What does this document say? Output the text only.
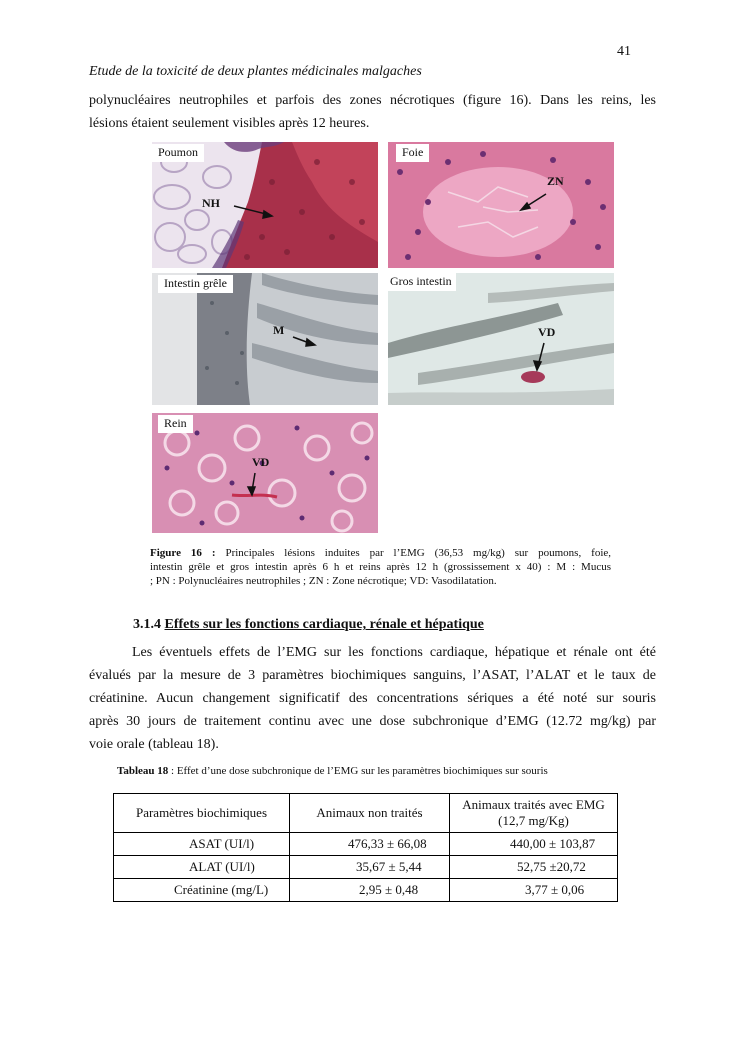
41
Etude de la toxicité de deux plantes médicinales malgaches
polynucléaires neutrophiles et parfois des zones nécrotiques (figure 16). Dans les reins, les
lésions étaient seulement visibles après 12 heures.
Poumon
NH
Foie
ZN
Intestin grêle
M
Gros intestin
VD
Rein
VD
Figure 16 : Principales lésions induites par l’EMG (36,53 mg/kg) sur poumons, foie,
intestin grêle et gros intestin après 6 h et reins après 12 h (grossissement x 40) : M : Mucus
; PN : Polynucléaires neutrophiles ; ZN : Zone nécrotique; VD: Vasodilatation.
3.1.4 Effets sur les fonctions cardiaque, rénale et hépatique
Les éventuels effets de l’EMG sur les fonctions cardiaque, hépatique et rénale ont été
évalués par la mesure de 3 paramètres biochimiques sanguins, l’ASAT, l’ALAT et le taux de
créatinine. Aucun changement significatif des concentrations sériques a été noté sur souris
après 30 jours de traitement continu avec une dose subchronique d’EMG (12.72 mg/kg) par
voie orale (tableau 18).
Tableau 18 : Effet d’une dose subchronique de l’EMG sur les paramètres biochimiques sur souris
Paramètres biochimiques	Animaux non traités	Animaux traités avec EMG
(12,7 mg/Kg)

ASAT (UI/l)	476,33 ± 66,08	440,00 ± 103,87
ALAT (UI/l)	35,67 ± 5,44	52,75 ±20,72
Créatinine (mg/L)	2,95 ± 0,48	3,77 ± 0,06
